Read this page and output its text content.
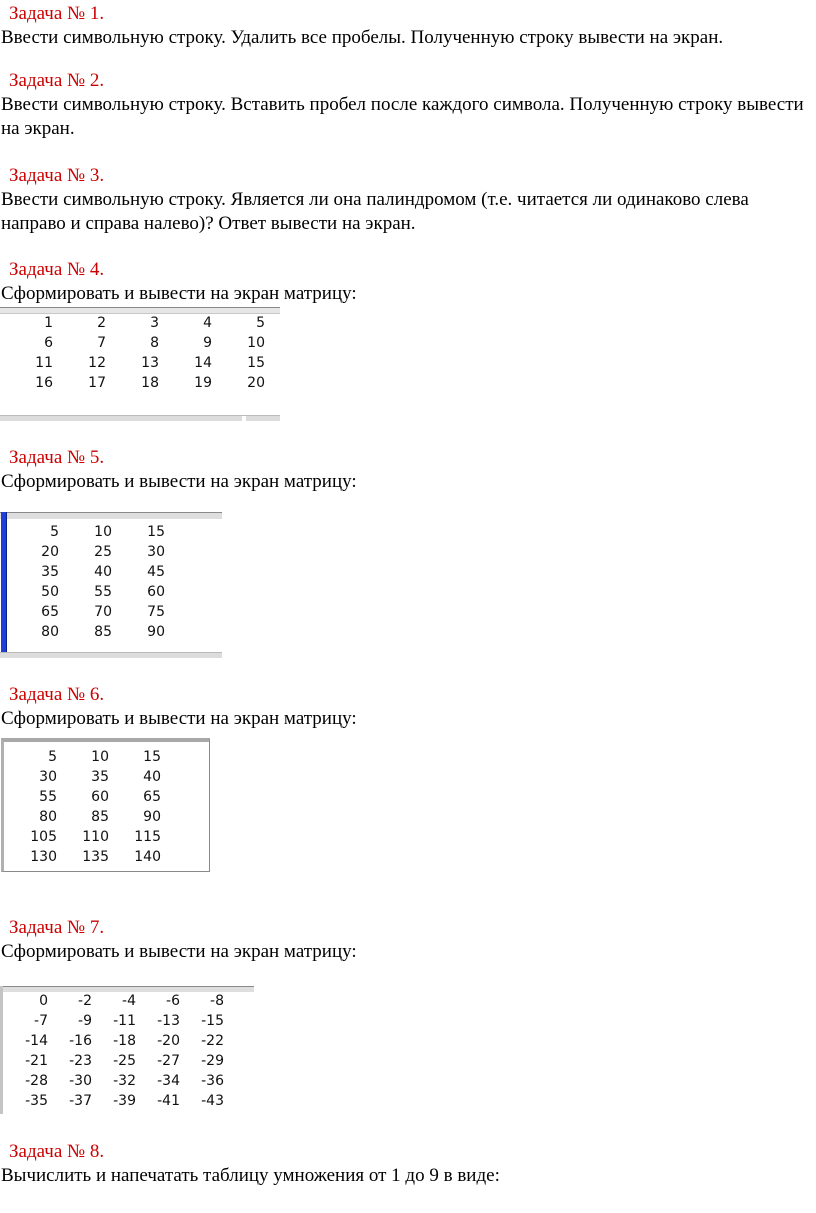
Задача № 1.
Ввести символьную строку. Удалить все пробелы. Полученную строку вывести на экран.
Задача № 2.
Ввести символьную строку. Вставить пробел после каждого символа. Полученную строку вывести на экран.
Задача № 3.
Ввести символьную строку. Является ли она палиндромом (т.е. читается ли одинаково слева направо и справа налево)? Ответ вывести на экран.
Задача № 4.
Сформировать и вывести на экран матрицу:
1	2	3	4	5
6	7	8	9	10
11	12	13	14	15
16	17	18	19	20
Задача № 5.
Сформировать и вывести на экран матрицу:
5	10	15
20	25	30
35	40	45
50	55	60
65	70	75
80	85	90
Задача № 6.
Сформировать и вывести на экран матрицу:
5	10	15
30	35	40
55	60	65
80	85	90
105	110	115
130	135	140
Задача № 7.
Сформировать и вывести на экран матрицу:
0	-2	-4	-6	-8
-7	-9	-11	-13	-15
-14	-16	-18	-20	-22
-21	-23	-25	-27	-29
-28	-30	-32	-34	-36
-35	-37	-39	-41	-43
Задача № 8.
Вычислить и напечатать таблицу умножения от 1 до 9 в виде:
